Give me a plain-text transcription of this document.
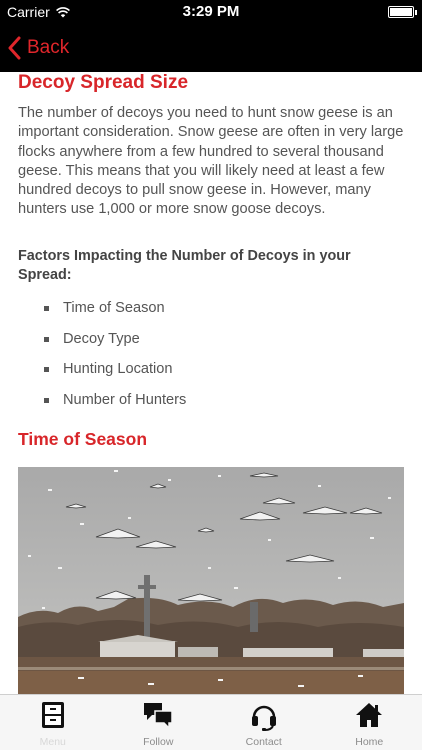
Carrier	3:29 PM
Back
Decoy Spread Size
The number of decoys you need to hunt snow geese is an important consideration. Snow geese are often in very large flocks anywhere from a few hundred to several thousand geese. This means that you will likely need at least a few hundred decoys to pull snow geese in. However, many hunters use 1,000 or more snow goose decoys.
Factors Impacting the Number of Decoys in your Spread:
Time of Season
Decoy Type
Hunting Location
Number of Hunters
Time of Season
Menu	Follow	Contact	Home
